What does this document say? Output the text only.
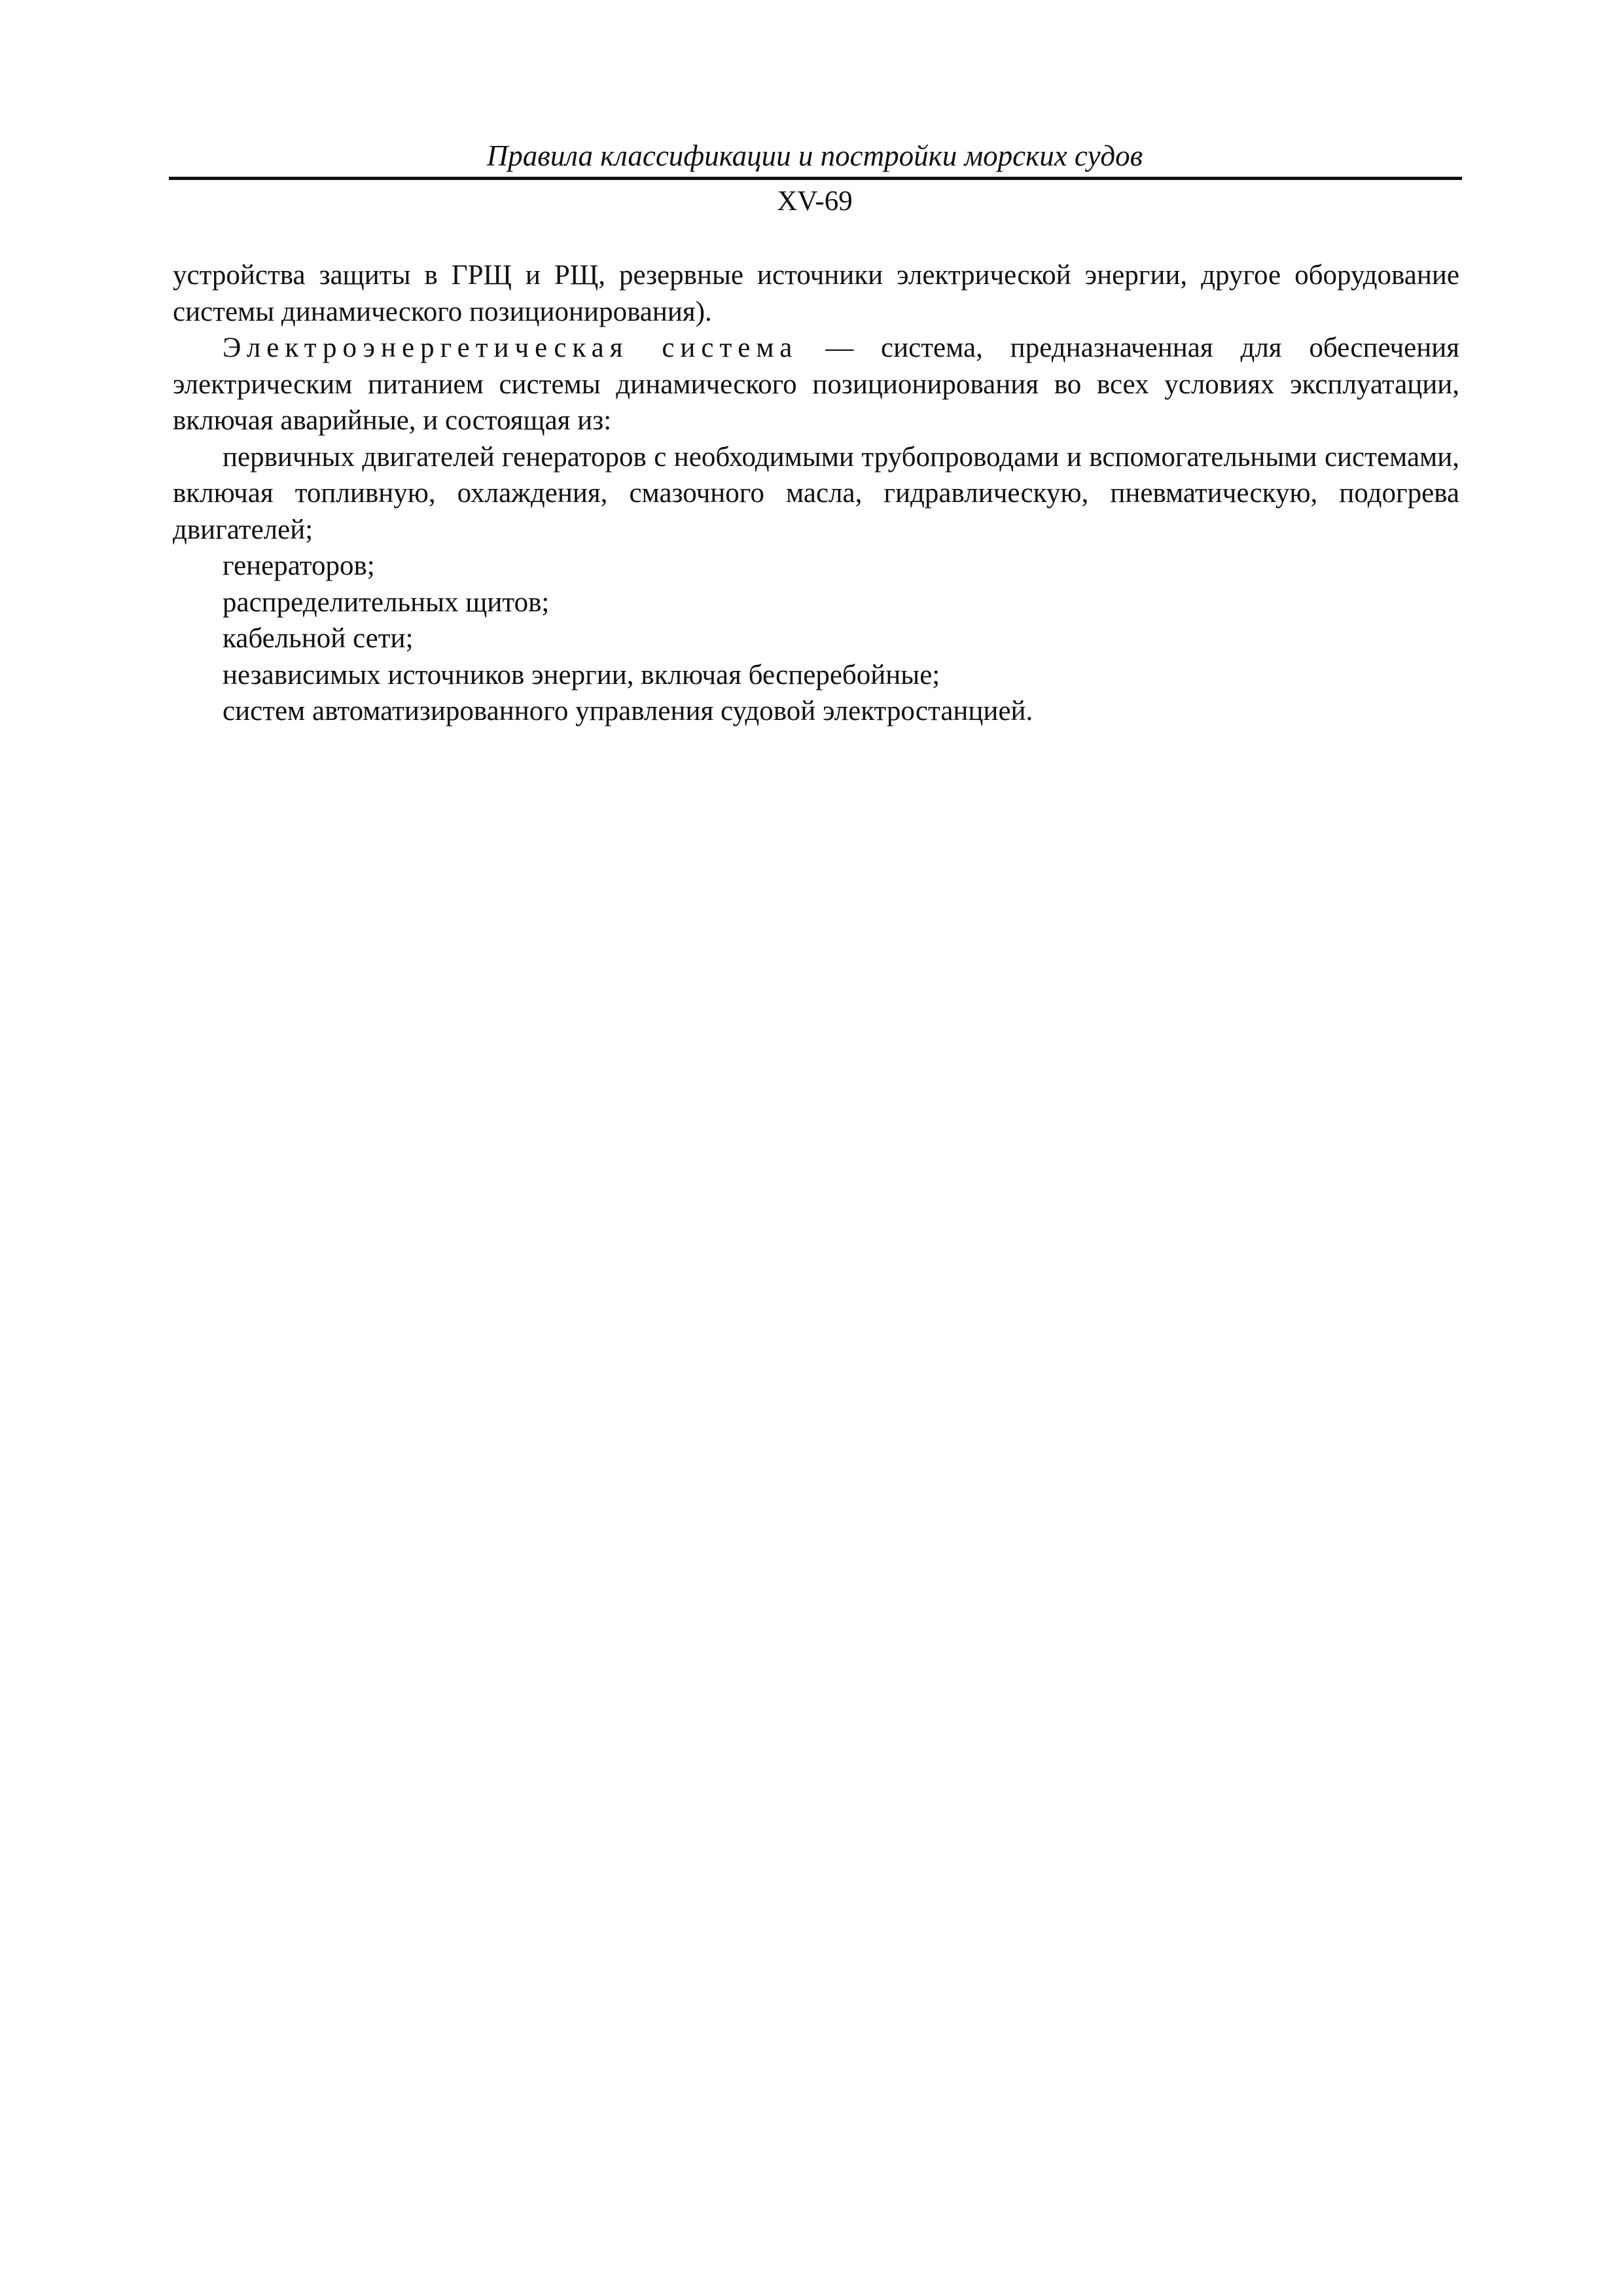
Правила классификации и постройки морских судов
XV-69

устройства защиты в ГРЩ и РЩ, резервные источники электрической энергии, другое оборудование системы динамического позиционирования).

Электроэнергетическая система — система, предназначенная для обеспечения электрическим питанием системы динамического позиционирования во всех условиях эксплуатации, включая аварийные, и состоящая из:

первичных двигателей генераторов с необходимыми трубопроводами и вспомогательными системами, включая топливную, охлаждения, смазочного масла, гидравлическую, пневматическую, подогрева двигателей;

генераторов;

распределительных щитов;

кабельной сети;

независимых источников энергии, включая бесперебойные;

систем автоматизированного управления судовой электростанцией.
